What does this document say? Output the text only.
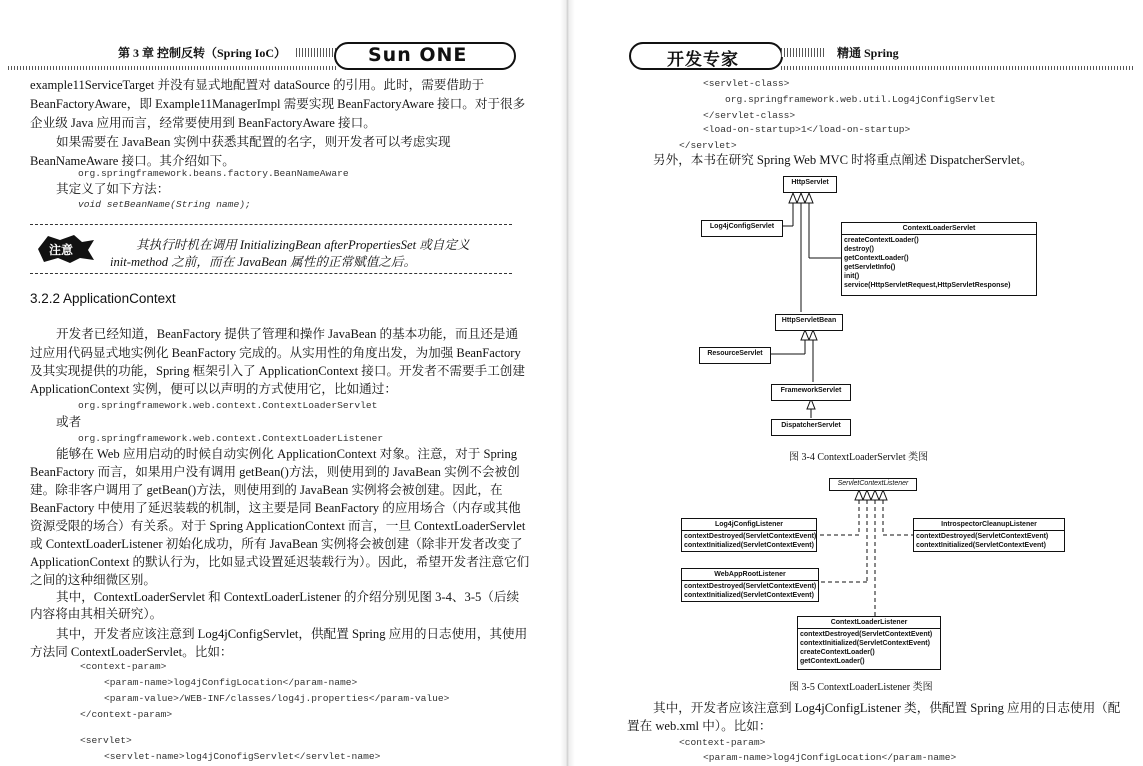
第 3 章 控制反转（Spring IoC）	Sun ONE
example11ServiceTarget 并没有显式地配置对 dataSource 的引用。此时，需要借助于
BeanFactoryAware，即 Example11ManagerImpl 需要实现 BeanFactoryAware 接口。对于很多
企业级 Java 应用而言，经常要使用到 BeanFactoryAware 接口。
如果需要在 JavaBean 实例中获悉其配置的名字，则开发者可以考虑实现
BeanNameAware 接口。其介绍如下。
org.springframework.beans.factory.BeanNameAware
其定义了如下方法：
void setBeanName(String name);
注意	其执行时机在调用 InitializingBean afterPropertiesSet 或自定义
init-method 之前，而在 JavaBean 属性的正常赋值之后。
3.2.2 ApplicationContext
开发者已经知道，BeanFactory 提供了管理和操作 JavaBean 的基本功能，而且还是通
过应用代码显式地实例化 BeanFactory 完成的。从实用性的角度出发，为加强 BeanFactory
及其实现提供的功能，Spring 框架引入了 ApplicationContext 接口。开发者不需要手工创建
ApplicationContext 实例，便可以以声明的方式使用它，比如通过：
org.springframework.web.context.ContextLoaderServlet
或者
org.springframework.web.context.ContextLoaderListener
能够在 Web 应用启动的时候自动实例化 ApplicationContext 对象。注意，对于 Spring
BeanFactory 而言，如果用户没有调用 getBean()方法，则使用到的 JavaBean 实例不会被创
建。除非客户调用了 getBean()方法，则使用到的 JavaBean 实例将会被创建。因此，在
BeanFactory 中使用了延迟装载的机制，这主要是同 BeanFactory 的应用场合（内存或其他
资源受限的场合）有关系。对于 Spring ApplicationContext 而言，一旦 ContextLoaderServlet
或 ContextLoaderListener 初始化成功，所有 JavaBean 实例将会被创建（除非开发者改变了
ApplicationContext 的默认行为，比如显式设置延迟装载行为）。因此，希望开发者注意它们
之间的这种细微区别。
其中，ContextLoaderServlet 和 ContextLoaderListener 的介绍分别见图 3-4、3-5（后续
内容将由其相关研究）。
其中，开发者应该注意到 Log4jConfigServlet，供配置 Spring 应用的日志使用，其使用
方法同 ContextLoaderServlet。比如：
<context-param>
<param-name>log4jConfigLocation</param-name>
<param-value>/WEB-INF/classes/log4j.properties</param-value>
</context-param>
<servlet>
<servlet-name>log4jConofigServlet</servlet-name>
开发专家	精通 Spring
<servlet-class>
org.springframework.web.util.Log4jConfigServlet
</servlet-class>
<load-on-startup>1</load-on-startup>
</servlet>
另外，本书在研究 Spring Web MVC 时将重点阐述 DispatcherServlet。
HttpServlet
Log4jConfigServlet	ContextLoaderServlet
createContextLoader()
destroy()
getContextLoader()
getServletInfo()
init()
service(HttpServletRequest,HttpServletResponse)
HttpServletBean
ResourceServlet
FrameworkServlet
DispatcherServlet
图 3-4 ContextLoaderServlet 类图
ServletContextListener
Log4jConfigListener
contextDestroyed(ServletContextEvent)
contextInitialized(ServletContextEvent)
IntrospectorCleanupListener
contextDestroyed(ServletContextEvent)
contextInitialized(ServletContextEvent)
WebAppRootListener
contextDestroyed(ServletContextEvent)
contextInitialized(ServletContextEvent)
ContextLoaderListener
contextDestroyed(ServletContextEvent)
contextInitialized(ServletContextEvent)
createContextLoader()
getContextLoader()
图 3-5 ContextLoaderListener 类图
其中，开发者应该注意到 Log4jConfigListener 类，供配置 Spring 应用的日志使用（配
置在 web.xml 中）。比如：
<context-param>
<param-name>log4jConfigLocation</param-name>
